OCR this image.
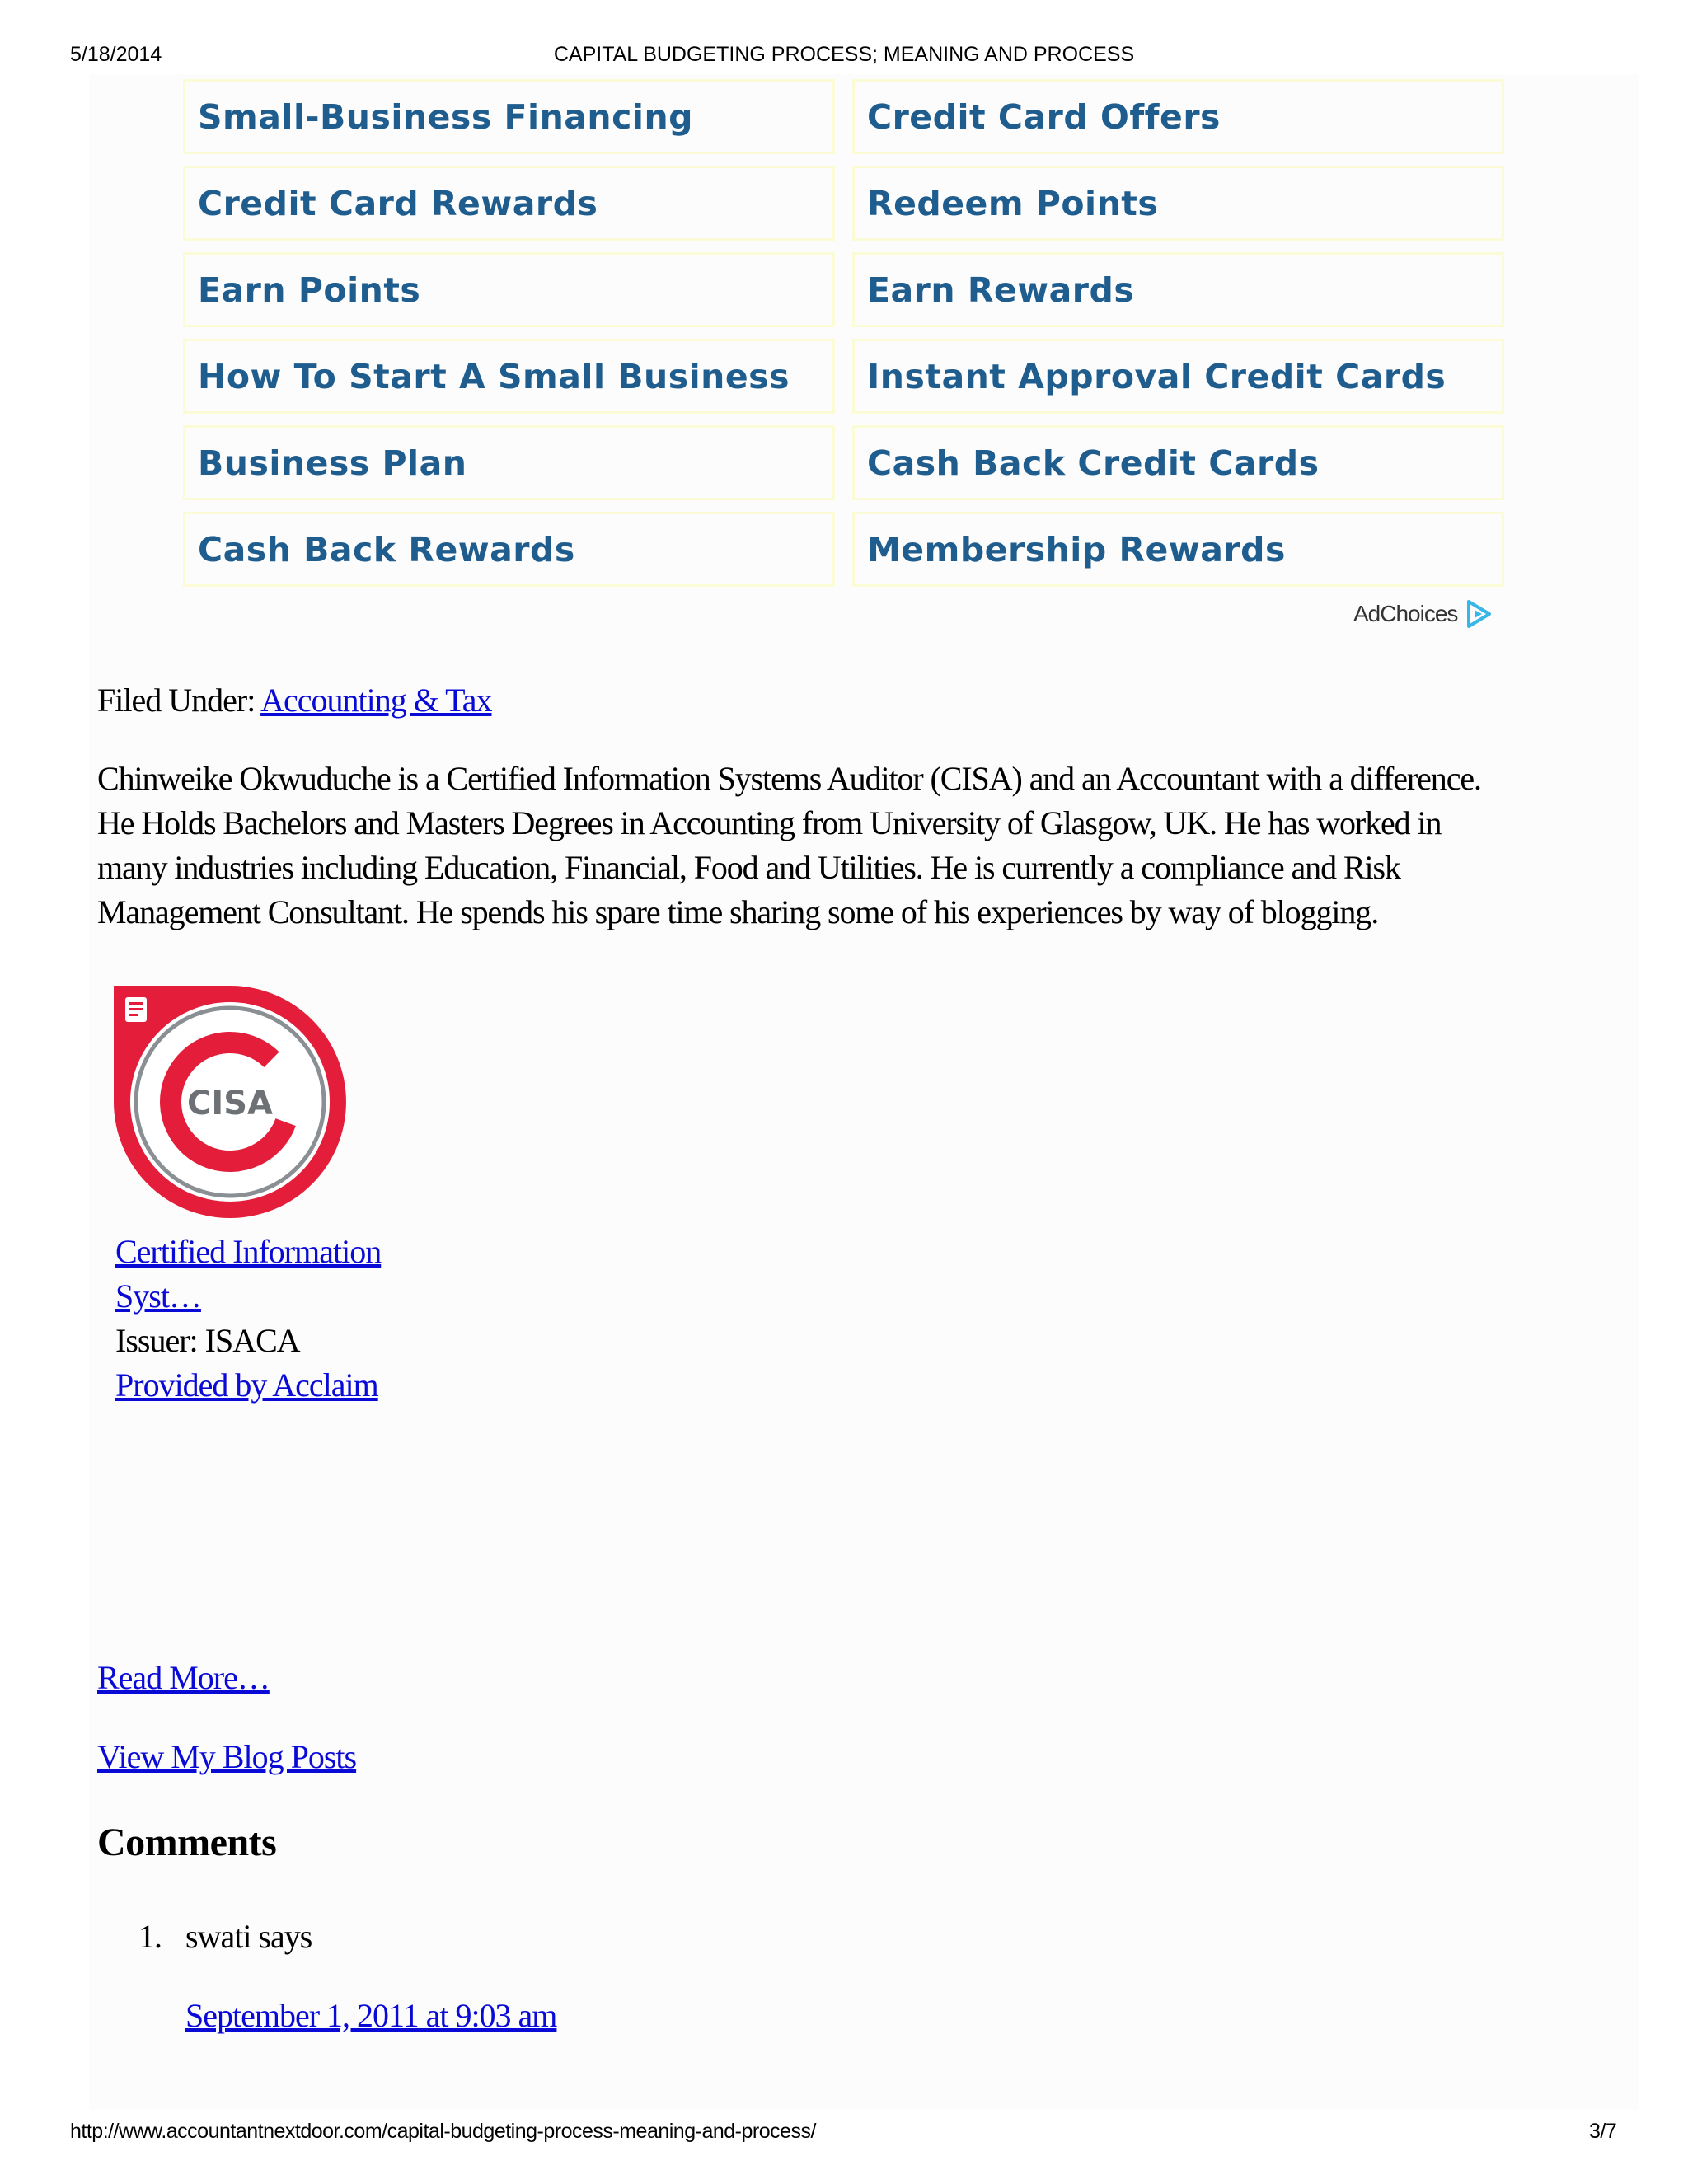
5/18/2014	CAPITAL BUDGETING PROCESS; MEANING AND PROCESS
Small-Business Financing	Credit Card Offers
Credit Card Rewards	Redeem Points
Earn Points	Earn Rewards
How To Start A Small Business	Instant Approval Credit Cards
Business Plan	Cash Back Credit Cards
Cash Back Rewards	Membership Rewards
AdChoices
Filed Under: Accounting & Tax
Chinweike Okwuduche is a Certified Information Systems Auditor (CISA) and an Accountant with a difference.
He Holds Bachelors and Masters Degrees in Accounting from University of Glasgow, UK. He has worked in
many industries including Education, Financial, Food and Utilities. He is currently a compliance and Risk
Management Consultant. He spends his spare time sharing some of his experiences by way of blogging.
CISA
Certified Information
Syst…
Issuer: ISACA
Provided by Acclaim
Read More…
View My Blog Posts
Comments
1. swati says
September 1, 2011 at 9:03 am
http://www.accountantnextdoor.com/capital-budgeting-process-meaning-and-process/	3/7
